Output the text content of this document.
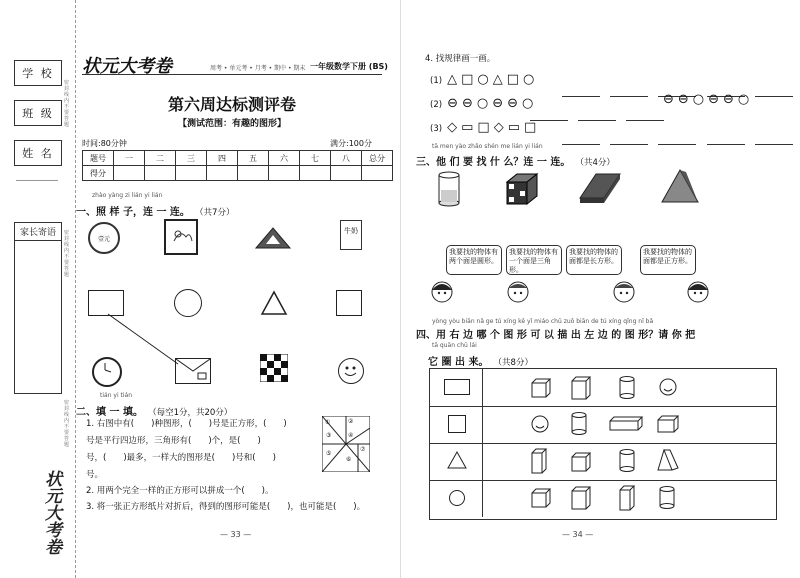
学 校
班 级
姓 名
家长寄语
密封线内不要答题
密封线内不要答题
密封线内不要答题
状元大考卷
状元大考卷	周考 • 单元考 • 月考 • 期中 • 期末 一年级数学下册 (BS)
第六周达标测评卷
【测试范围：有趣的图形】
时间:80分钟	满分:100分
题号	一	二	三	四	五	六	七	八	总分
得分									
zhào yàng zi lián yi lián
一、照 样 子，连 一 连。 （共7分）
壹元
牛奶
tián yi tián
二、填 一 填。 （每空1分，共20分）
1. 右图中有(　　)种图形，(　　)号是正方形，(　　)
号是平行四边形，三角形有(　　)个，是(　　)
号，(　　)最多，一样大的图形是(　　)号和(　　)
号。
2. 用两个完全一样的正方形可以拼成一个(　　)。
3. 将一张正方形纸片对折后，得到的图形可能是(　　)，也可能是(　　)。
①	②
③	④
⑤
⑥
⑦
— 33 —
4. 找规律画一画。
(1) △□○△□○

(2) ⊖⊖○⊖⊖○
	⊖⊖○⊖⊖○
(3) ◇▭□◇▭□

tā men yào zhǎo shén me lián yi lián
三、他 们 要 找 什 么？连 一 连。 （共4分）
我要找的物体有两个面是圆形。
我要找的物体有一个面是三角形。
我要找的物体的面都是长方形。
我要找的物体的面都是正方形。
yòng yòu biān nǎ ge tú xíng kě yǐ miáo chū zuǒ biān de tú xíng qǐng nǐ bǎ
四、用 右 边 哪 个 图 形 可 以 描 出 左 边 的 图 形？请 你 把
tā quān chū lái
它 圈 出 来。 （共8分）
— 34 —
